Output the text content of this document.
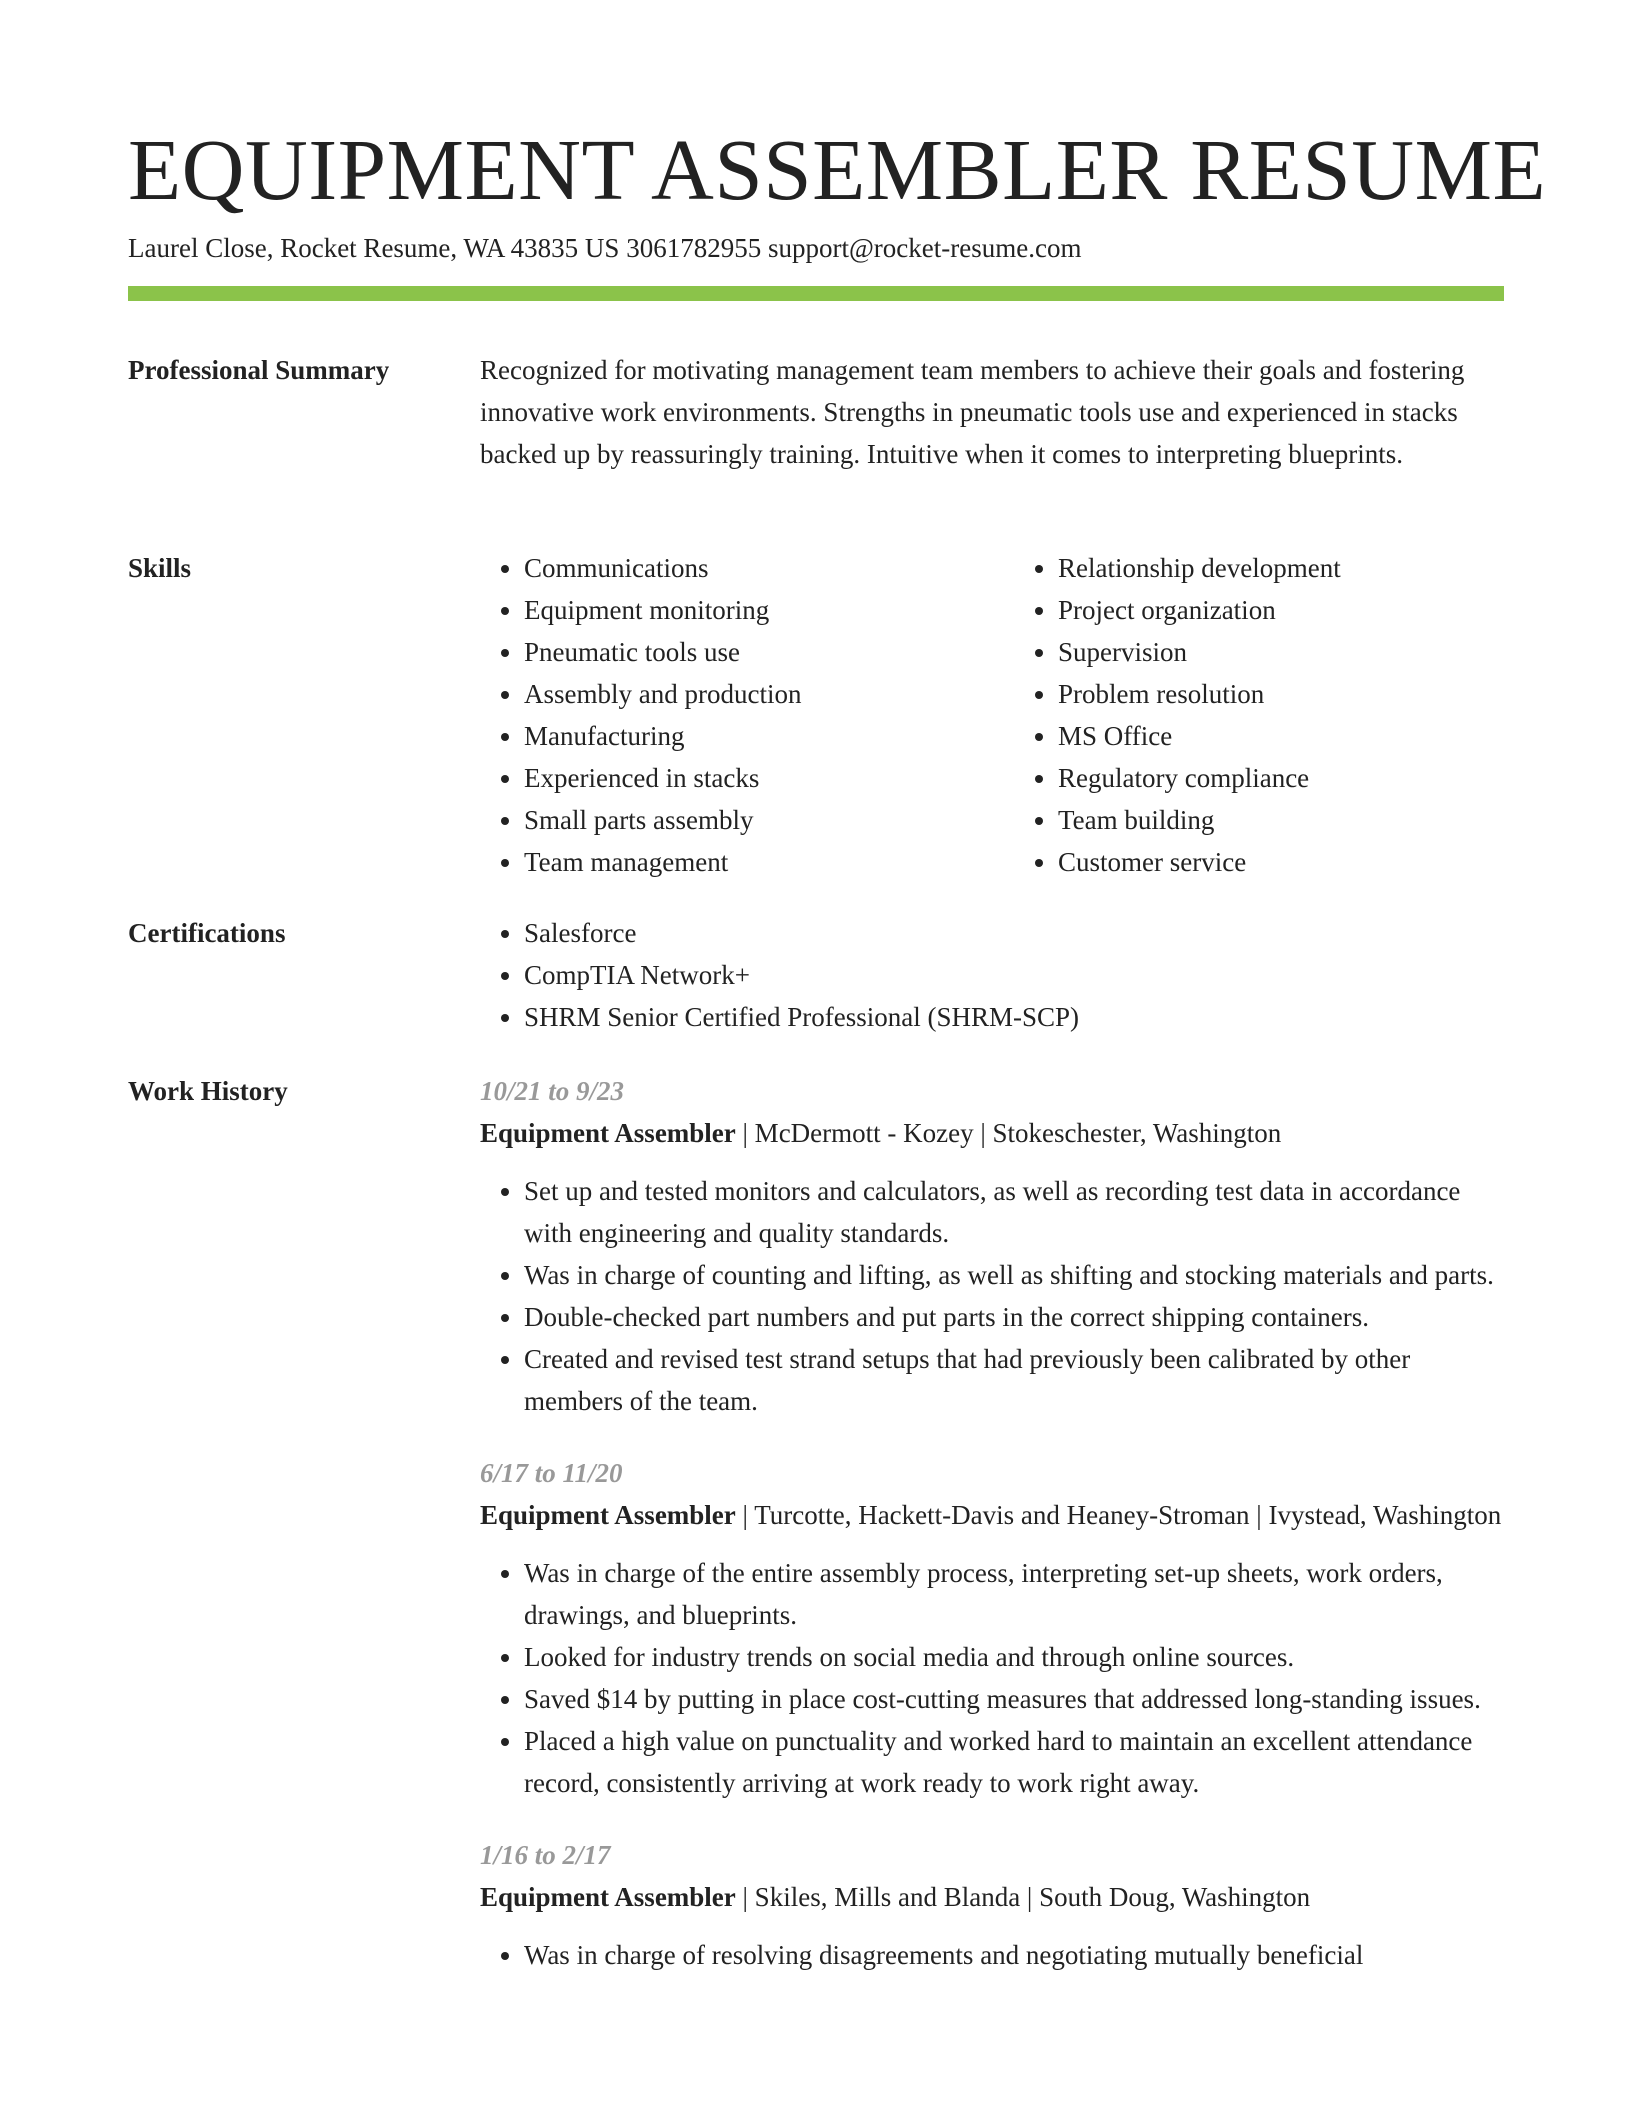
EQUIPMENT ASSEMBLER RESUME
Laurel Close, Rocket Resume, WA 43835 US 3061782955 support@rocket-resume.com
Professional Summary	Recognized for motivating management team members to achieve their goals and fostering innovative work environments. Strengths in pneumatic tools use and experienced in stacks backed up by reassuringly training. Intuitive when it comes to interpreting blueprints.

Skills	• Communications
• Equipment monitoring
• Pneumatic tools use
• Assembly and production
• Manufacturing
• Experienced in stacks
• Small parts assembly
• Team management
• Relationship development
• Project organization
• Supervision
• Problem resolution
• MS Office
• Regulatory compliance
• Team building
• Customer service
Certifications	• Salesforce
• CompTIA Network+
• SHRM Senior Certified Professional (SHRM-SCP)
Work History	10/21 to 9/23
Equipment Assembler | McDermott - Kozey | Stokeschester, Washington
• Set up and tested monitors and calculators, as well as recording test data in accordance with engineering and quality standards.
• Was in charge of counting and lifting, as well as shifting and stocking materials and parts.
• Double-checked part numbers and put parts in the correct shipping containers.
• Created and revised test strand setups that had previously been calibrated by other members of the team.
6/17 to 11/20
Equipment Assembler | Turcotte, Hackett-Davis and Heaney-Stroman | Ivystead, Washington
• Was in charge of the entire assembly process, interpreting set-up sheets, work orders, drawings, and blueprints.
• Looked for industry trends on social media and through online sources.
• Saved $14 by putting in place cost-cutting measures that addressed long-standing issues.
• Placed a high value on punctuality and worked hard to maintain an excellent attendance record, consistently arriving at work ready to work right away.
1/16 to 2/17
Equipment Assembler | Skiles, Mills and Blanda | South Doug, Washington
• Was in charge of resolving disagreements and negotiating mutually beneficial
